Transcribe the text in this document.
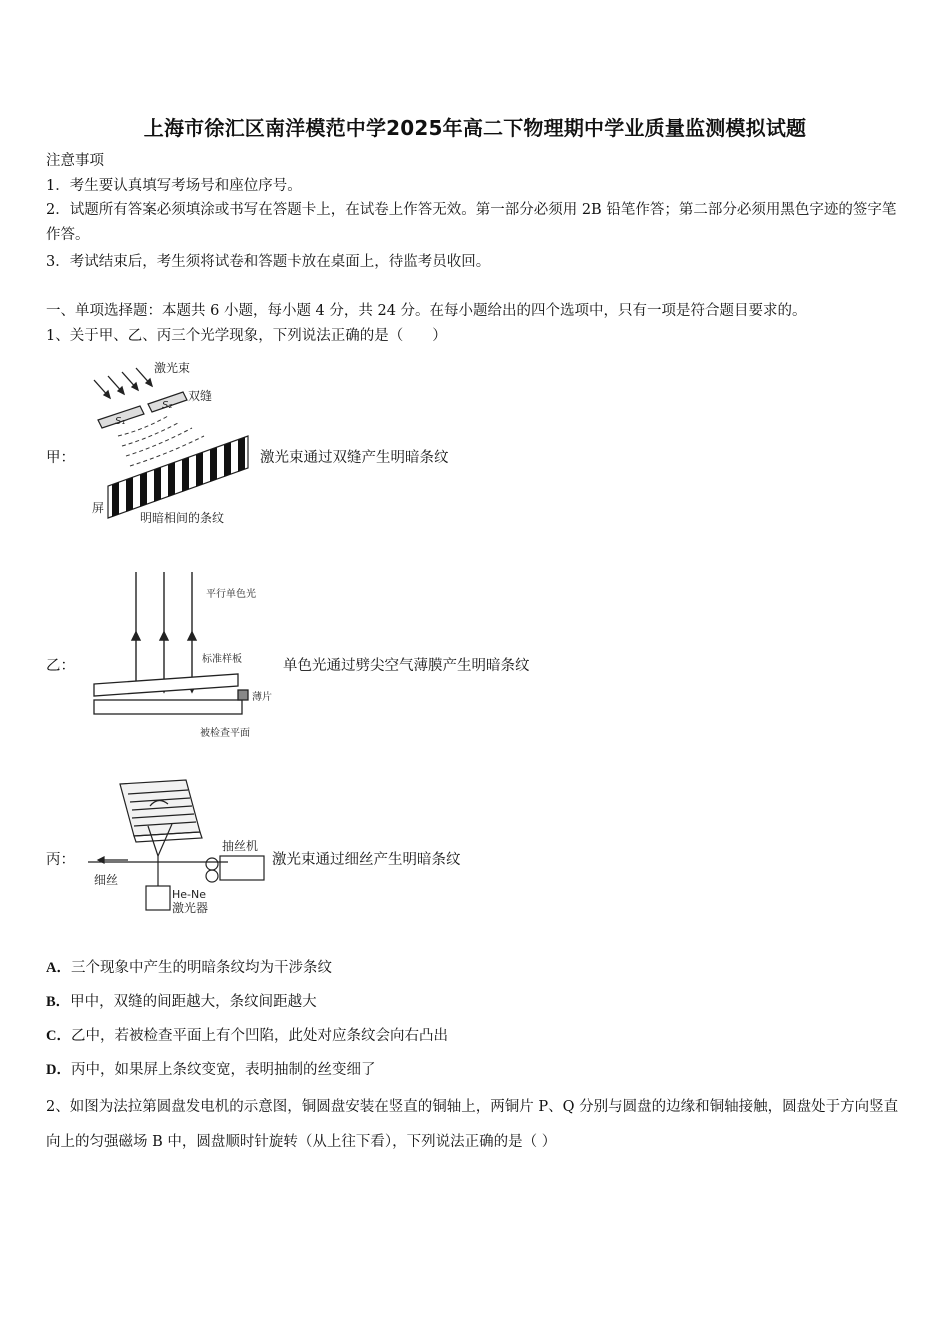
上海市徐汇区南洋模范中学2025年高二下物理期中学业质量监测模拟试题
注意事项
1．考生要认真填写考场号和座位序号。
2．试题所有答案必须填涂或书写在答题卡上，在试卷上作答无效。第一部分必须用 2B 铅笔作答；第二部分必须用黑色字迹的签字笔作答。
3．考试结束后，考生须将试卷和答题卡放在桌面上，待监考员收回。
一、单项选择题：本题共 6 小题，每小题 4 分，共 24 分。在每小题给出的四个选项中，只有一项是符合题目要求的。
1、关于甲、乙、丙三个光学现象，下列说法正确的是（　　）
甲：
激光束
双缝
S₁
S₂
屏
明暗相间的条纹
激光束通过双缝产生明暗条纹
乙：
平行单色光
标准样板
薄片
被检查平面
单色光通过劈尖空气薄膜产生明暗条纹
丙：
抽丝机
细丝
He-Ne
激光器
激光束通过细丝产生明暗条纹
A．三个现象中产生的明暗条纹均为干涉条纹
B．甲中，双缝的间距越大，条纹间距越大
C．乙中，若被检查平面上有个凹陷，此处对应条纹会向右凸出
D．丙中，如果屏上条纹变宽，表明抽制的丝变细了
2、如图为法拉第圆盘发电机的示意图，铜圆盘安装在竖直的铜轴上，两铜片 P、Q 分别与圆盘的边缘和铜轴接触，圆盘处于方向竖直向上的匀强磁场 B 中，圆盘顺时针旋转（从上往下看），下列说法正确的是（ ）
